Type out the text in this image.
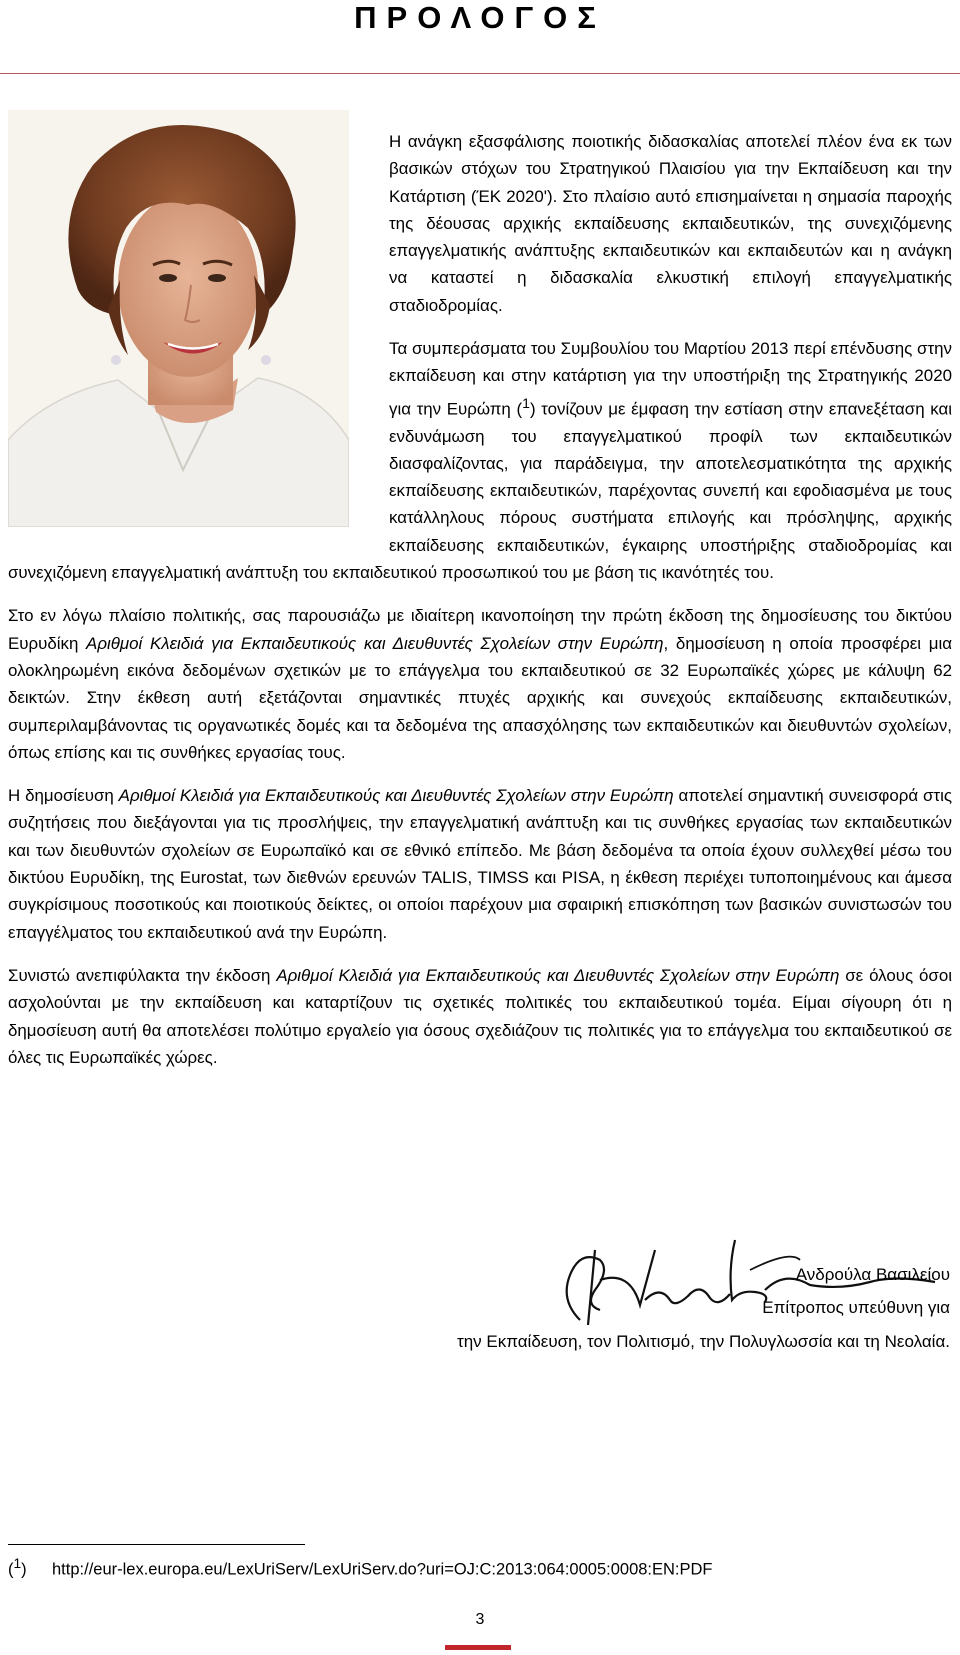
ΠΡΟΛΟΓΟΣ

Η ανάγκη εξασφάλισης ποιοτικής διδασκαλίας αποτελεί πλέον ένα εκ των βασικών στόχων του Στρατηγικού Πλαισίου για την Εκπαίδευση και την Κατάρτιση (ΈΚ 2020'). Στο πλαίσιο αυτό επισημαίνεται η σημασία παροχής της δέουσας αρχικής εκπαίδευσης εκπαιδευτικών, της συνεχιζόμενης επαγγελματικής ανάπτυξης εκπαιδευτικών και εκπαιδευτών και η ανάγκη να καταστεί η διδασκαλία ελκυστική επιλογή επαγγελματικής σταδιοδρομίας.

Τα συμπεράσματα του Συμβουλίου του Μαρτίου 2013 περί επένδυσης στην εκπαίδευση και στην κατάρτιση για την υποστήριξη της Στρατηγικής 2020 για την Ευρώπη ($^1$) τονίζουν με έμφαση την εστίαση στην επανεξέταση και ενδυνάμωση του επαγγελματικού προφίλ των εκπαιδευτικών διασφαλίζοντας, για παράδειγμα, την αποτελεσματικότητα της αρχικής εκπαίδευσης εκπαιδευτικών, παρέχοντας συνεπή και εφοδιασμένα με τους κατάλληλους πόρους συστήματα επιλογής και πρόσληψης, αρχικής εκπαίδευσης εκπαιδευτικών, έγκαιρης υποστήριξης σταδιοδρομίας και συνεχιζόμενη επαγγελματική ανάπτυξη του εκπαιδευτικού προσωπικού του με βάση τις ικανότητές του.

Στο εν λόγω πλαίσιο πολιτικής, σας παρουσιάζω με ιδιαίτερη ικανοποίηση την πρώτη έκδοση της δημοσίευσης του δικτύου Ευρυδίκη Αριθμοί Κλειδιά για Εκπαιδευτικούς και Διευθυντές Σχολείων στην Ευρώπη, δημοσίευση η οποία προσφέρει μια ολοκληρωμένη εικόνα δεδομένων σχετικών με το επάγγελμα του εκπαιδευτικού σε 32 Ευρωπαϊκές χώρες με κάλυψη 62 δεικτών. Στην έκθεση αυτή εξετάζονται σημαντικές πτυχές αρχικής και συνεχούς εκπαίδευσης εκπαιδευτικών, συμπεριλαμβάνοντας τις οργανωτικές δομές και τα δεδομένα της απασχόλησης των εκπαιδευτικών και διευθυντών σχολείων, όπως επίσης και τις συνθήκες εργασίας τους.

Η δημοσίευση Αριθμοί Κλειδιά για Εκπαιδευτικούς και Διευθυντές Σχολείων στην Ευρώπη αποτελεί σημαντική συνεισφορά στις συζητήσεις που διεξάγονται για τις προσλήψεις, την επαγγελματική ανάπτυξη και τις συνθήκες εργασίας των εκπαιδευτικών και των διευθυντών σχολείων σε Ευρωπαϊκό και σε εθνικό επίπεδο. Με βάση δεδομένα τα οποία έχουν συλλεχθεί μέσω του δικτύου Ευρυδίκη, της Eurostat, των διεθνών ερευνών TALIS, TIMSS και PISA, η έκθεση περιέχει τυποποιημένους και άμεσα συγκρίσιμους ποσοτικούς και ποιοτικούς δείκτες, οι οποίοι παρέχουν μια σφαιρική επισκόπηση των βασικών συνιστωσών του επαγγέλματος του εκπαιδευτικού ανά την Ευρώπη.

Συνιστώ ανεπιφύλακτα την έκδοση Αριθμοί Κλειδιά για Εκπαιδευτικούς και Διευθυντές Σχολείων στην Ευρώπη σε όλους όσοι ασχολούνται με την εκπαίδευση και καταρτίζουν τις σχετικές πολιτικές του εκπαιδευτικού τομέα. Είμαι σίγουρη ότι η δημοσίευση αυτή θα αποτελέσει πολύτιμο εργαλείο για όσους σχεδιάζουν τις πολιτικές για το επάγγελμα του εκπαιδευτικού σε όλες τις Ευρωπαϊκές χώρες.

Ανδρούλα Βασιλείου
Επίτροπος υπεύθυνη για
την Εκπαίδευση, τον Πολιτισμό, την Πολυγλωσσία και τη Νεολαία.
($^1$) http://eur-lex.europa.eu/LexUriServ/LexUriServ.do?uri=OJ:C:2013:064:0005:0008:EN:PDF
3
